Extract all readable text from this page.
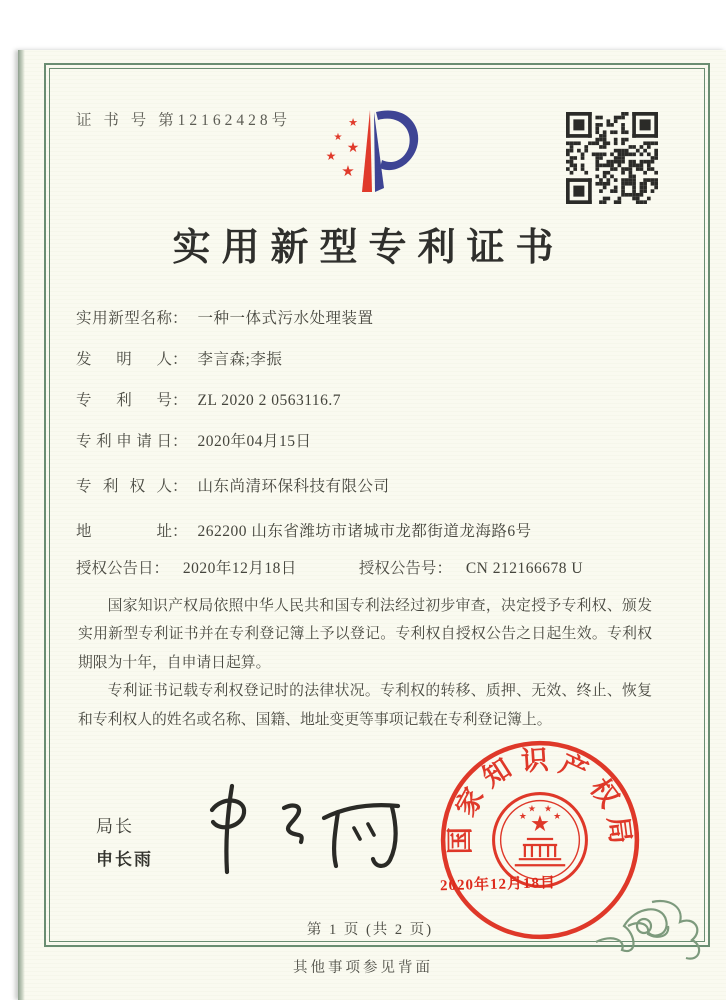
证 书 号 第12162428号	★
★
★
★
★
实用新型专利证书
实用新型名称 ： 一种一体式污水处理装置
发明人 ： 李言森;李振
专利号 ： ZL 2020 2 0563116.7
专利申请日 ： 2020年04月15日
专利权人 ： 山东尚清环保科技有限公司
地址 ： 262200 山东省潍坊市诸城市龙都街道龙海路6号
授权公告日： 2020年12月18日	授权公告号： CN 212166678 U

国家知识产权局依照中华人民共和国专利法经过初步审查，决定授予专利权、颁发实用新型专利证书并在专利登记簿上予以登记。专利权自授权公告之日起生效。专利权期限为十年，自申请日起算。

专利证书记载专利权登记时的法律状况。专利权的转移、质押、无效、终止、恢复和专利权人的姓名或名称、国籍、地址变更等事项记载在专利登记簿上。

局长
申长雨
国家知识产权局
★
★
★ ★
★
2020年12月18日
第 1 页 (共 2 页)
其他事项参见背面
